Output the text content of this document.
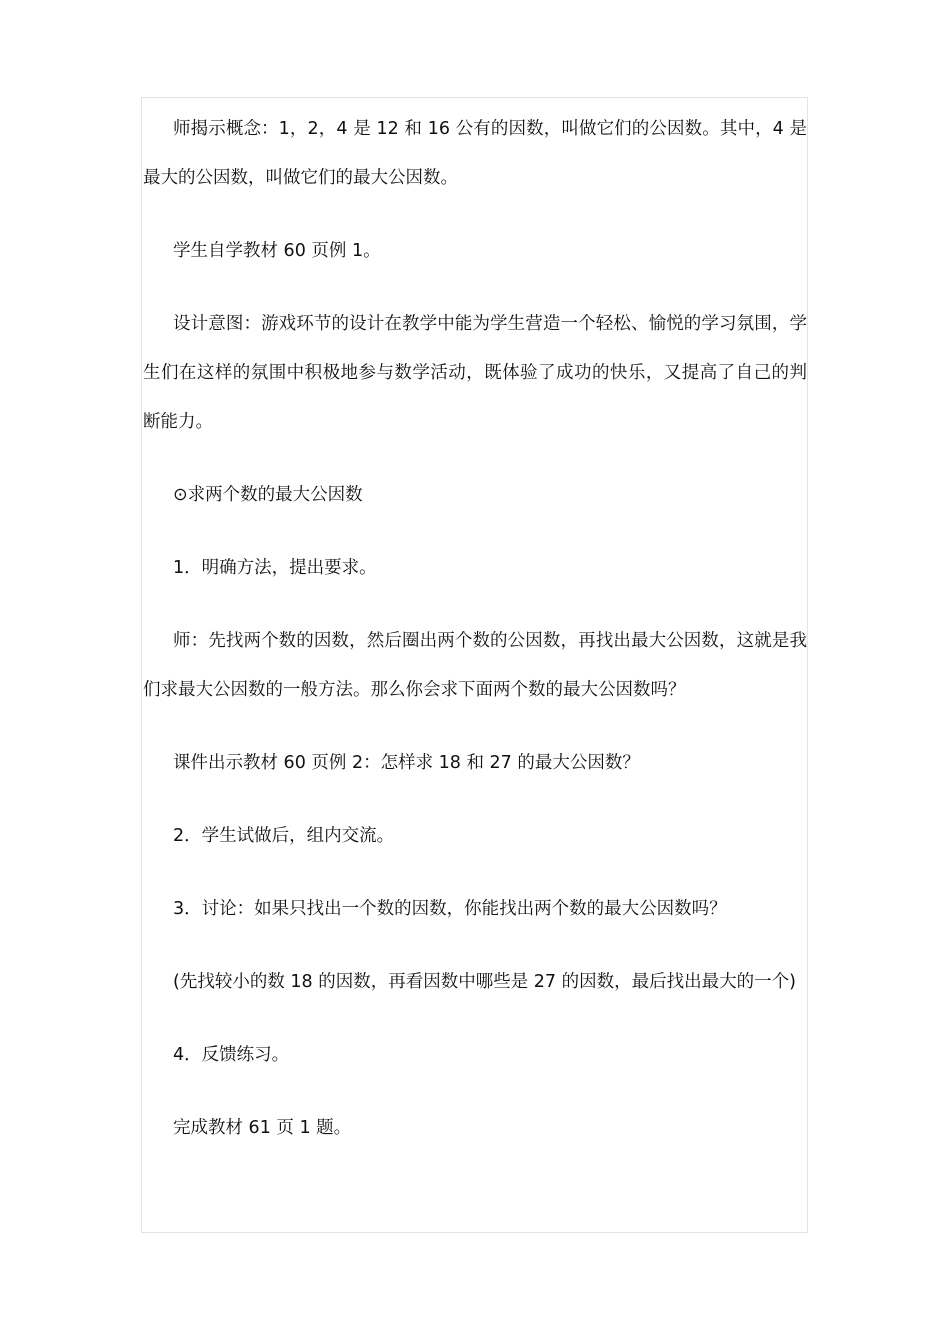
师揭示概念：1，2，4 是 12 和 16 公有的因数，叫做它们的公因数。其中，4 是最大的公因数，叫做它们的最大公因数。

学生自学教材 60 页例 1。

设计意图：游戏环节的设计在教学中能为学生营造一个轻松、愉悦的学习氛围，学生们在这样的氛围中积极地参与数学活动，既体验了成功的快乐，又提高了自己的判断能力。

⊙求两个数的最大公因数

1．明确方法，提出要求。

师：先找两个数的因数，然后圈出两个数的公因数，再找出最大公因数，这就是我们求最大公因数的一般方法。那么你会求下面两个数的最大公因数吗？

课件出示教材 60 页例 2：怎样求 18 和 27 的最大公因数？

2．学生试做后，组内交流。

3．讨论：如果只找出一个数的因数，你能找出两个数的最大公因数吗？

(先找较小的数 18 的因数，再看因数中哪些是 27 的因数，最后找出最大的一个)

4．反馈练习。

完成教材 61 页 1 题。
